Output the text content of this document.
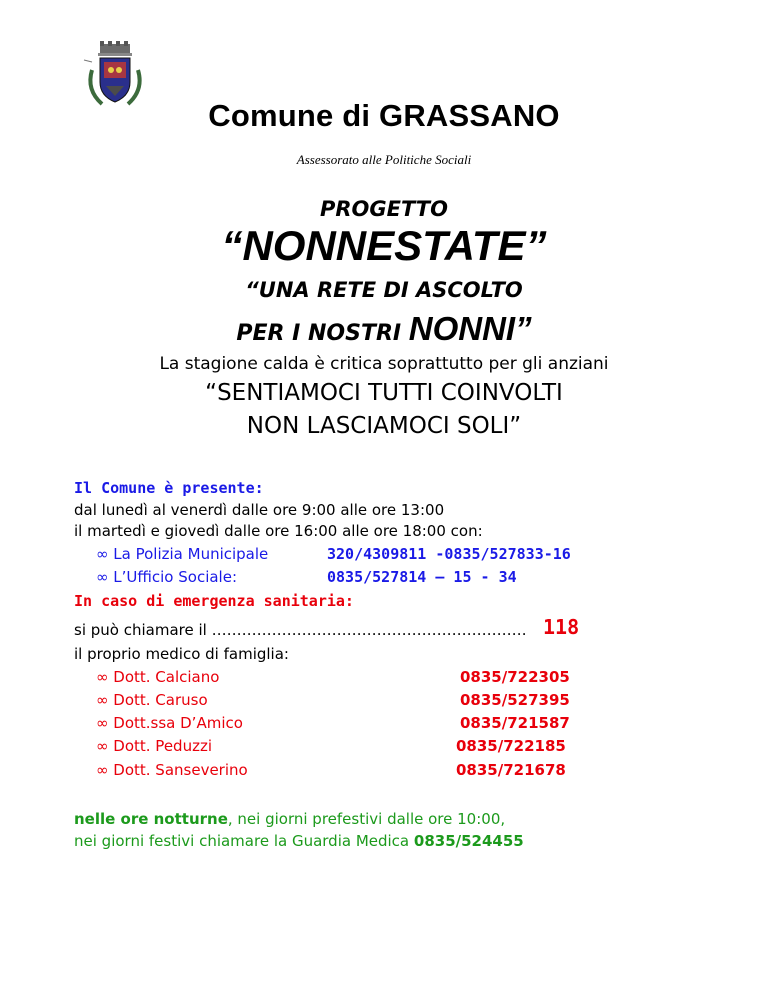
Comune di GRASSANO
Assessorato alle Politiche Sociali
PROGETTO
“NONNESTATE”
“UNA RETE DI ASCOLTO
PER I NOSTRI NONNI”
La stagione calda è critica soprattutto per gli anziani
“SENTIAMOCI TUTTI COINVOLTI
NON LASCIAMOCI SOLI”
Il Comune è presente:
dal lunedì al venerdì dalle ore 9:00 alle ore 13:00
il martedì e giovedì dalle ore 16:00 alle ore 18:00 con:
∞ La Polizia Municipale	320/4309811 -0835/527833-16
∞ L’Ufficio Sociale:	0835/527814 – 15 - 34
In caso di emergenza sanitaria:
si può chiamare il ……………………………………………………… 118
il proprio medico di famiglia:
∞ Dott. Calciano	0835/722305
∞ Dott. Caruso	0835/527395
∞ Dott.ssa D’Amico	0835/721587
∞ Dott. Peduzzi	0835/722185
∞ Dott. Sanseverino	0835/721678
nelle ore notturne, nei giorni prefestivi dalle ore 10:00,
nei giorni festivi chiamare la Guardia Medica 0835/524455
